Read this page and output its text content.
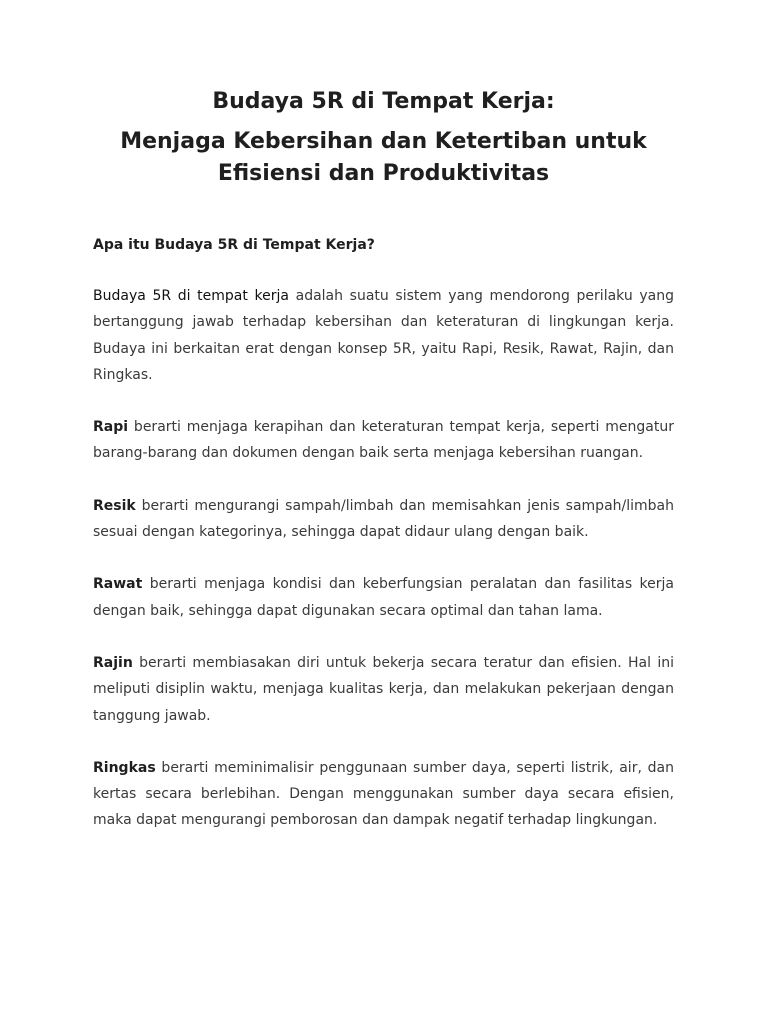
Budaya 5R di Tempat Kerja:
Menjaga Kebersihan dan Ketertiban untuk
Efisiensi dan Produktivitas

Apa itu Budaya 5R di Tempat Kerja?

Budaya 5R di tempat kerja adalah suatu sistem yang mendorong perilaku yang bertanggung jawab terhadap kebersihan dan keteraturan di lingkungan kerja. Budaya ini berkaitan erat dengan konsep 5R, yaitu Rapi, Resik, Rawat, Rajin, dan Ringkas.

Rapi berarti menjaga kerapihan dan keteraturan tempat kerja, seperti mengatur barang-barang dan dokumen dengan baik serta menjaga kebersihan ruangan.

Resik berarti mengurangi sampah/limbah dan memisahkan jenis sampah/limbah sesuai dengan kategorinya, sehingga dapat didaur ulang dengan baik.

Rawat berarti menjaga kondisi dan keberfungsian peralatan dan fasilitas kerja dengan baik, sehingga dapat digunakan secara optimal dan tahan lama.

Rajin berarti membiasakan diri untuk bekerja secara teratur dan efisien. Hal ini meliputi disiplin waktu, menjaga kualitas kerja, dan melakukan pekerjaan dengan tanggung jawab.

Ringkas berarti meminimalisir penggunaan sumber daya, seperti listrik, air, dan kertas secara berlebihan. Dengan menggunakan sumber daya secara efisien, maka dapat mengurangi pemborosan dan dampak negatif terhadap lingkungan.
